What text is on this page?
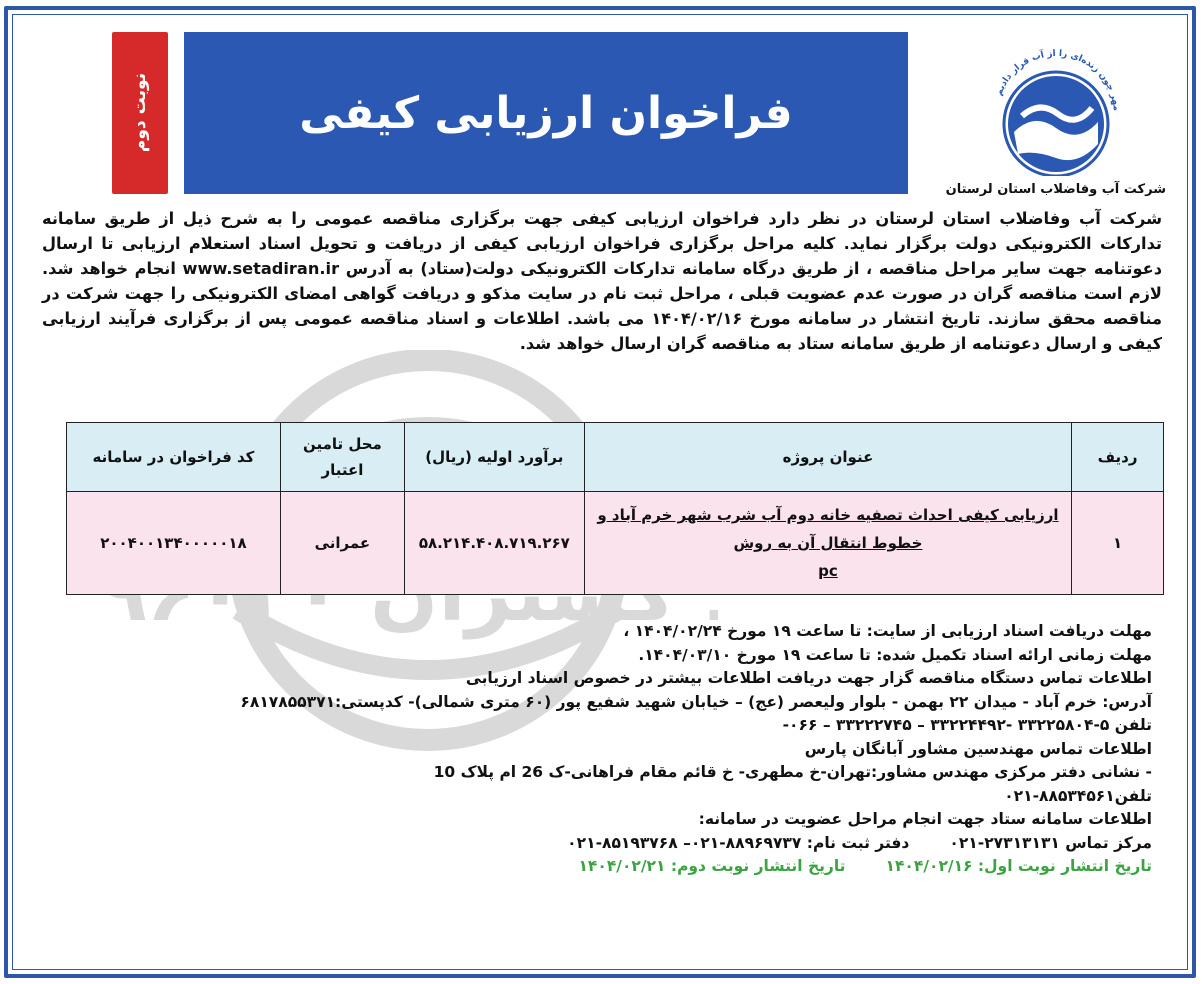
نوبت دوم	فراخوان ارزیابی کیفی	مهر چون زنده‌ای را از آب قرار دادیم
شرکت آب وفاضلاب استان لرستان

شرکت آب وفاضلاب استان لرستان در نظر دارد فراخوان ارزیابی کیفی جهت برگزاری مناقصه عمومی را به شرح ذیل از طریق سامانه تدارکات الکترونیکی دولت برگزار نماید. کلیه مراحل برگزاری فراخوان ارزیابی کیفی از دریافت و تحویل اسناد استعلام ارزیابی تا ارسال دعوتنامه جهت سایر مراحل مناقصه ، از طریق درگاه سامانه تدارکات الکترونیکی دولت(ستاد) به آدرس www.setadiran.ir انجام خواهد شد. لازم است مناقصه گران در صورت عدم عضویت قبلی ، مراحل ثبت نام در سایت مذکو و دریافت گواهی امضای الکترونیکی را جهت شرکت در مناقصه محقق سازند. تاریخ انتشار در سامانه مورخ ۱۴۰۴/۰۲/۱۶ می باشد. اطلاعات و اسناد مناقصه عمومی پس از برگزاری فرآیند ارزیابی کیفی و ارسال دعوتنامه از طریق سامانه ستاد به مناقصه گران ارسال خواهد شد.

ردیف	عنوان پروژه	برآورد اولیه (ریال)	محل تامین اعتبار	کد فراخوان در سامانه
۱	ارزیابی کیفی احداث تصفیه خانه دوم آب شرب شهر خرم آباد و
خطوط انتقال آن به روش
pc	۵۸.۲۱۴.۴۰۸.۷۱۹.۲۶۷	عمرانی	۲۰۰۴۰۰۱۳۴۰۰۰۰۰۱۸
مهلت دریافت اسناد ارزیابی از سایت: تا ساعت ۱۹ مورخ ۱۴۰۴/۰۲/۲۴ ،
مهلت زمانی ارائه اسناد تکمیل شده: تا ساعت ۱۹ مورخ ۱۴۰۴/۰۳/۱۰.
اطلاعات تماس دستگاه مناقصه گزار جهت دریافت اطلاعات بیشتر در خصوص اسناد ارزیابی
آدرس: خرم آباد - میدان ۲۲ بهمن - بلوار ولیعصر (عج) – خیابان شهید شفیع پور (۶۰ متری شمالی)- کدپستی:۶۸۱۷۸۵۵۳۷۱
تلفن ۵-۳۳۲۲۵۸۰۴ -۳۳۲۲۴۴۹۲ – ۳۳۲۲۲۷۴۵ – ۰۶۶-
اطلاعات تماس مهندسین مشاور آبانگان پارس
- نشانی دفتر مرکزی مهندس مشاور:تهران-خ مطهری- خ قائم مقام فراهانی-ک 26 ام پلاک 10
تلفن۸۸۵۳۴۵۶۱-۰۲۱
اطلاعات سامانه ستاد جهت انجام مراحل عضویت در سامانه:
مرکز تماس ۲۷۳۱۳۱۳۱-۰۲۱دفتر ثبت نام: ۸۸۹۶۹۷۳۷-۰۲۱– ۸۵۱۹۳۷۶۸-۰۲۱
تاریخ انتشار نوبت اول: ۱۴۰۴/۰۲/۱۶تاریخ انتشار نوبت دوم: ۱۴۰۴/۰۲/۲۱
